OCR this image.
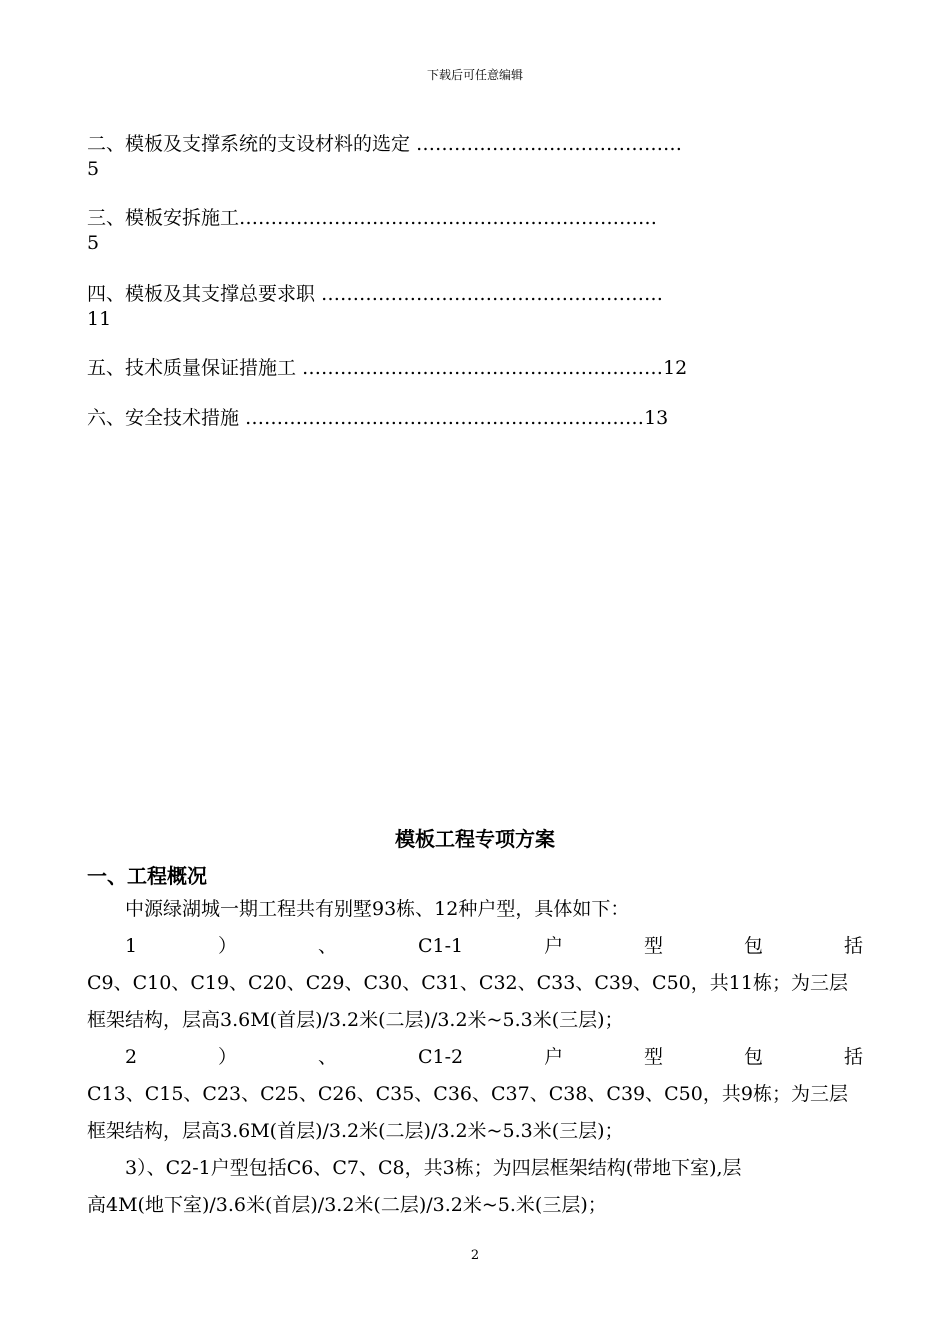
下载后可任意编辑
二、模板及支撑系统的支设材料的选定 ……………………………………
5
三、模板安拆施工…………………………………………………………
5
四、模板及其支撑总要求职 ………………………………………………
11
五、技术质量保证措施工 …………………………………………………12
六、安全技术措施 ………………………………………………………13
模板工程专项方案
一、工程概况
中源绿湖城一期工程共有别墅93栋、12种户型，具体如下：
1	）	、	C1-1	户	型	包	括
C9、C10、C19、C20、C29、C30、C31、C32、C33、C39、C50，共11栋；为三层
框架结构，层高3.6M(首层)/3.2米(二层)/3.2米~5.3米(三层)；
2	）	、	C1-2	户	型	包	括
C13、C15、C23、C25、C26、C35、C36、C37、C38、C39、C50，共9栋；为三层
框架结构，层高3.6M(首层)/3.2米(二层)/3.2米~5.3米(三层)；
3）、C2-1户型包括C6、C7、C8，共3栋；为四层框架结构(带地下室),层
高4M(地下室)/3.6米(首层)/3.2米(二层)/3.2米~5.米(三层)；
2
